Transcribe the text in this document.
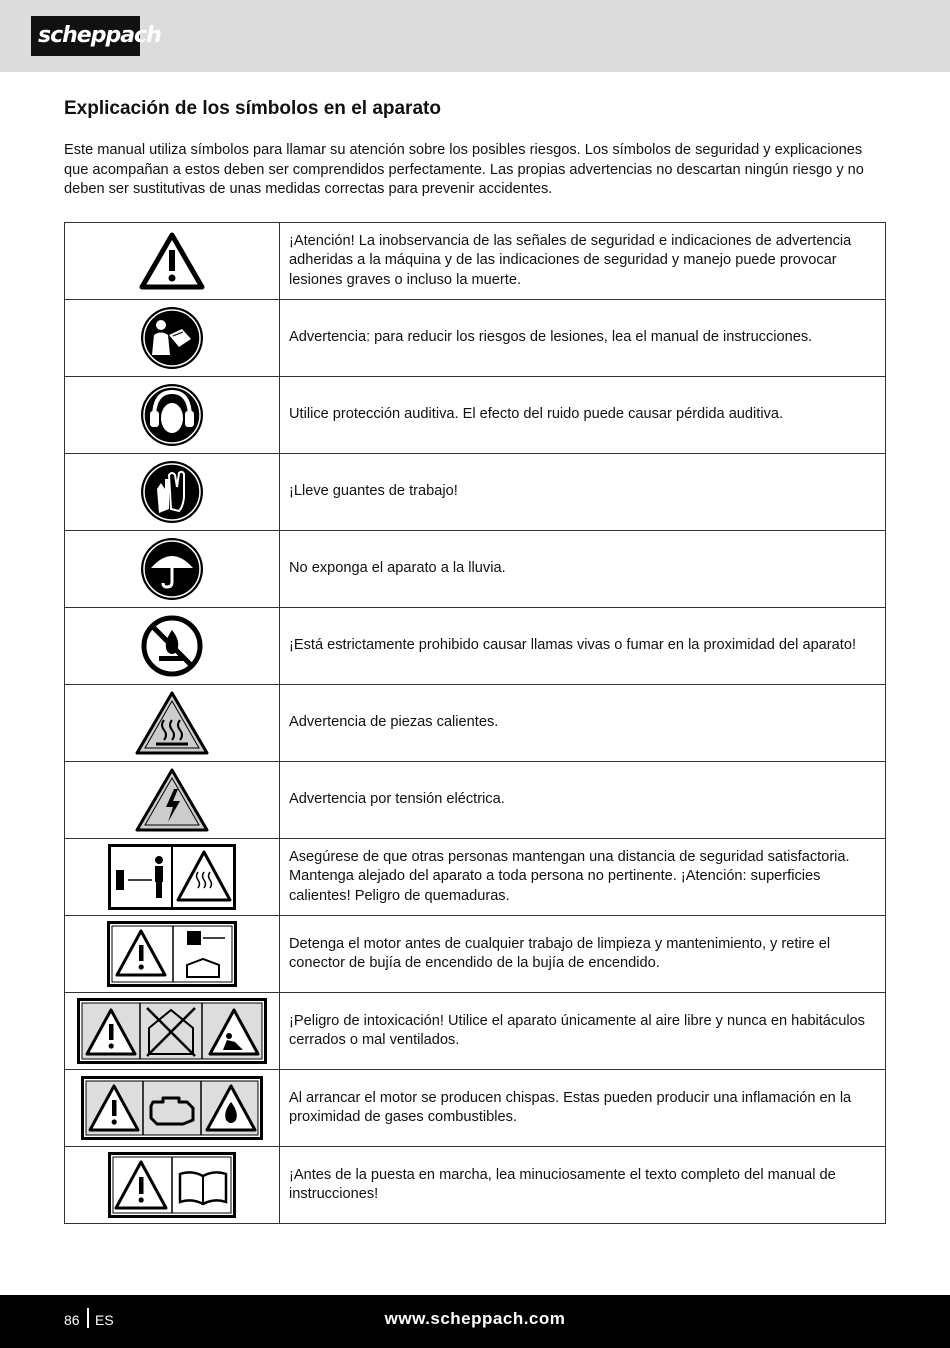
scheppach
Explicación de los símbolos en el aparato

Este manual utiliza símbolos para llamar su atención sobre los posibles riesgos. Los símbolos de seguridad y explicaciones que acompañan a estos deben ser comprendidos perfectamente. Las propias advertencias no descartan ningún riesgo y no deben ser sustitutivas de unas medidas correctas para prevenir accidentes.

	¡Atención! La inobservancia de las señales de seguridad e indicaciones de advertencia adheridas a la máquina y de las indicaciones de seguridad y manejo puede provocar lesiones graves o incluso la muerte.
	Advertencia: para reducir los riesgos de lesiones, lea el manual de instrucciones.
	Utilice protección auditiva. El efecto del ruido puede causar pérdida auditiva.
	¡Lleve guantes de trabajo!
	No exponga el aparato a la lluvia.
	¡Está estrictamente prohibido causar llamas vivas o fumar en la proximidad del aparato!
	Advertencia de piezas calientes.
	Advertencia por tensión eléctrica.
	Asegúrese de que otras personas mantengan una distancia de seguridad satisfactoria. Mantenga alejado del aparato a toda persona no pertinente. ¡Atención: superficies calientes! Peligro de quemaduras.
	Detenga el motor antes de cualquier trabajo de limpieza y mantenimiento, y retire el conector de bujía de encendido de la bujía de encendido.
	¡Peligro de intoxicación! Utilice el aparato únicamente al aire libre y nunca en habitáculos cerrados o mal ventilados.
	Al arrancar el motor se producen chispas. Estas pueden producir una inflamación en la proximidad de gases combustibles.
	¡Antes de la puesta en marcha, lea minuciosamente el texto completo del manual de instrucciones!
86 ES	www.scheppach.com
